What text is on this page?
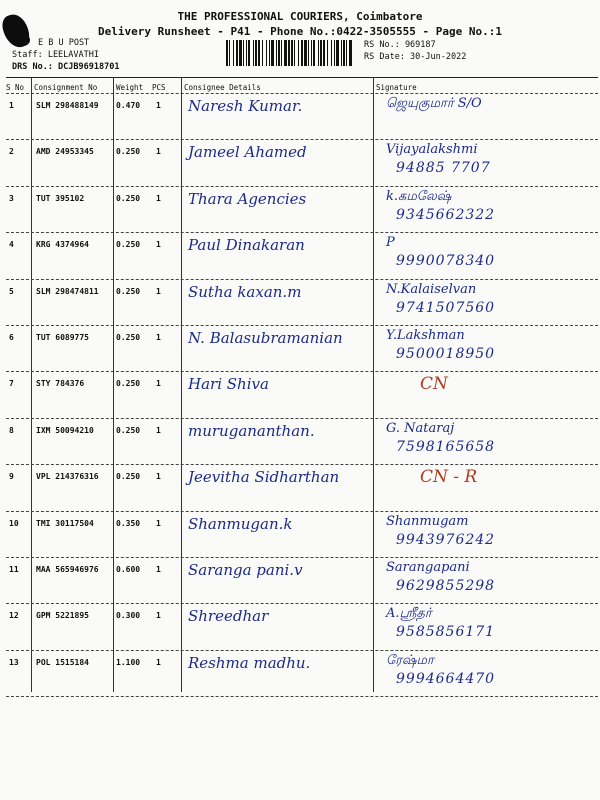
THE PROFESSIONAL COURIERS, Coimbatore
Delivery Runsheet - P41 - Phone No.:0422-3505555 - Page No.:1
E B U POST
Staff: LEELAVATHI
DRS No.: DCJB96918701
RS No.: 969187
RS Date: 30-Jun-2022
S No Consignment No	Weight PCS Consignee Details	Signature
1	SLM 298488149 0.470 1 Naresh Kumar.	ஜெயுகுமார் S/O
2	AMD 24953345	0.250 1 Jameel Ahamed	Vijayalakshmi
94885 7707
3	TUT 395102	0.250 1 Thara Agencies	k.கமலேஷ்
9345662322
4	KRG 4374964	0.250 1 Paul Dinakaran	P
9990078340
5	SLM 298474811 0.250 1 Sutha kaxan.m	N.Kalaiselvan
9741507560
6	TUT 6089775	0.250 1 N. Balasubramanian	Y.Lakshman
9500018950
7	STY 784376	0.250 1 Hari Shiva	CN
8	IXM 50094210	0.250 1 murugananthan.	G. Nataraj
7598165658
9	VPL 214376316 0.250 1 Jeevitha Sidharthan	CN - R
10 TMI 30117504	0.350 1 Shanmugan.k	Shanmugam
9943976242
11 MAA 565946976 0.600 1 Saranga pani.v	Sarangapani
9629855298
12 GPM 5221895	0.300 1 Shreedhar	A.ஸ்ரீதர்
9585856171
13 POL 1515184	1.100 1 Reshma madhu.	ரேஷ்மா
9994664470
